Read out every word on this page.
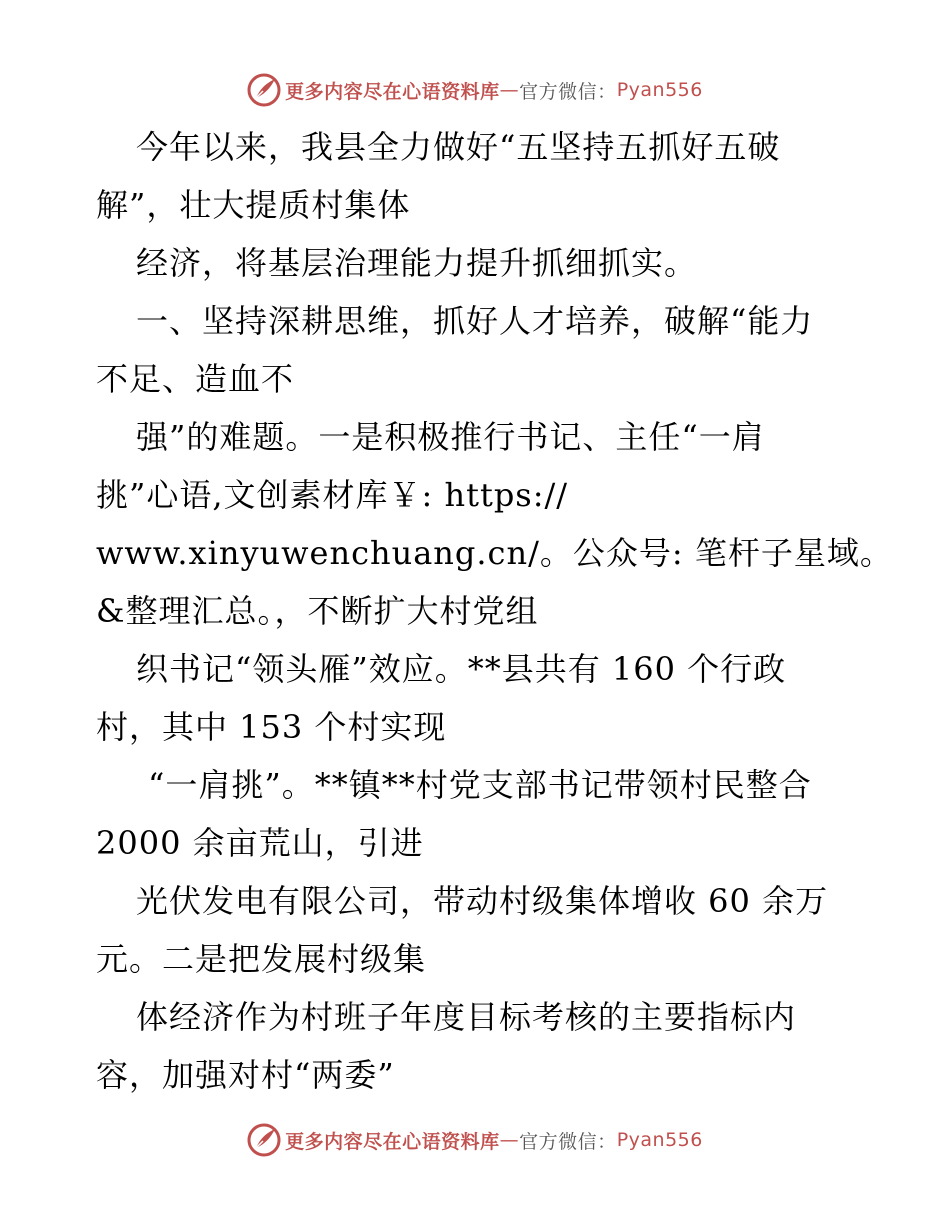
更多内容尽在心语资料库 — 官方微信： Pyan556
今年以来，我县全力做好“五坚持五抓好五破
解”，壮大提质村集体
经济，将基层治理能力提升抓细抓实。
一、坚持深耕思维，抓好人才培养，破解“能力
不足、造血不
强”的难题。一是积极推行书记、主任“一肩
挑”心语,文创素材库￥: https://
www.xinyuwenchuang.cn/。公众号: 笔杆子星域。
&整理汇总。，不断扩大村党组
织书记“领头雁”效应。**县共有 160 个行政
村，其中 153 个村实现
“一肩挑”。**镇**村党支部书记带领村民整合
2000 余亩荒山，引进
光伏发电有限公司，带动村级集体增收 60 余万
元。二是把发展村级集
体经济作为村班子年度目标考核的主要指标内
容，加强对村“两委”
更多内容尽在心语资料库 — 官方微信： Pyan556
